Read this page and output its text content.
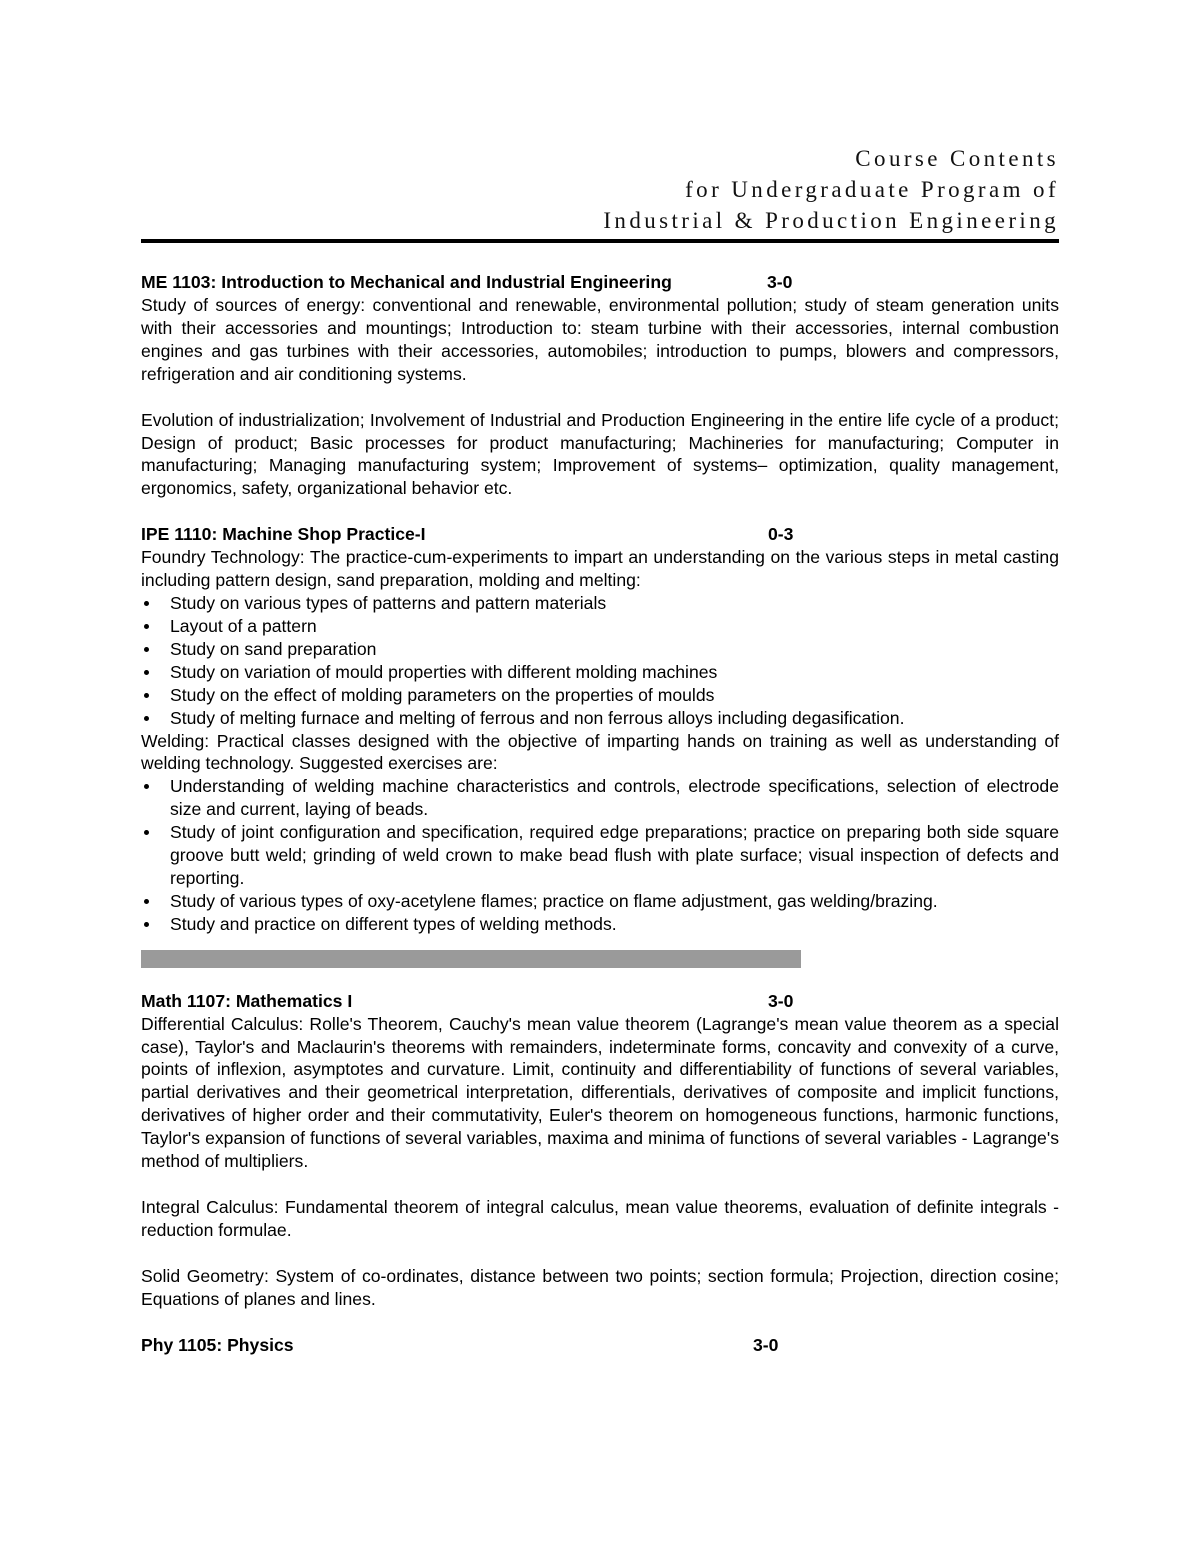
Course Contents
for Undergraduate Program of
Industrial & Production Engineering
ME 1103: Introduction to Mechanical and Industrial Engineering	3-0

Study of sources of energy: conventional and renewable, environmental pollution; study of steam generation units with their accessories and mountings; Introduction to: steam turbine with their accessories, internal combustion engines and gas turbines with their accessories, automobiles; introduction to pumps, blowers and compressors, refrigeration and air conditioning systems.

Evolution of industrialization; Involvement of Industrial and Production Engineering in the entire life cycle of a product; Design of product; Basic processes for product manufacturing; Machineries for manufacturing; Computer in manufacturing; Managing manufacturing system; Improvement of systems– optimization, quality management, ergonomics, safety, organizational behavior etc.

IPE 1110: Machine Shop Practice-I	0-3

Foundry Technology: The practice-cum-experiments to impart an understanding on the various steps in metal casting including pattern design, sand preparation, molding and melting:

Study on various types of patterns and pattern materials
Layout of a pattern
Study on sand preparation
Study on variation of mould properties with different molding machines
Study on the effect of molding parameters on the properties of moulds
Study of melting furnace and melting of ferrous and non ferrous alloys including degasification.

Welding: Practical classes designed with the objective of imparting hands on training as well as understanding of welding technology. Suggested exercises are:

Understanding of welding machine characteristics and controls, electrode specifications, selection of electrode size and current, laying of beads.
Study of joint configuration and specification, required edge preparations; practice on preparing both side square groove butt weld; grinding of weld crown to make bead flush with plate surface; visual inspection of defects and reporting.
Study of various types of oxy-acetylene flames; practice on flame adjustment, gas welding/brazing.
Study and practice on different types of welding methods.
Math 1107: Mathematics I	3-0

Differential Calculus: Rolle's Theorem, Cauchy's mean value theorem (Lagrange's mean value theorem as a special case), Taylor's and Maclaurin's theorems with remainders, indeterminate forms, concavity and convexity of a curve, points of inflexion, asymptotes and curvature. Limit, continuity and differentiability of functions of several variables, partial derivatives and their geometrical interpretation, differentials, derivatives of composite and implicit functions, derivatives of higher order and their commutativity, Euler's theorem on homogeneous functions, harmonic functions, Taylor's expansion of functions of several variables, maxima and minima of functions of several variables - Lagrange's method of multipliers.

Integral Calculus: Fundamental theorem of integral calculus, mean value theorems, evaluation of definite integrals - reduction formulae.

Solid Geometry: System of co-ordinates, distance between two points; section formula; Projection, direction cosine; Equations of planes and lines.

Phy 1105: Physics	3-0
